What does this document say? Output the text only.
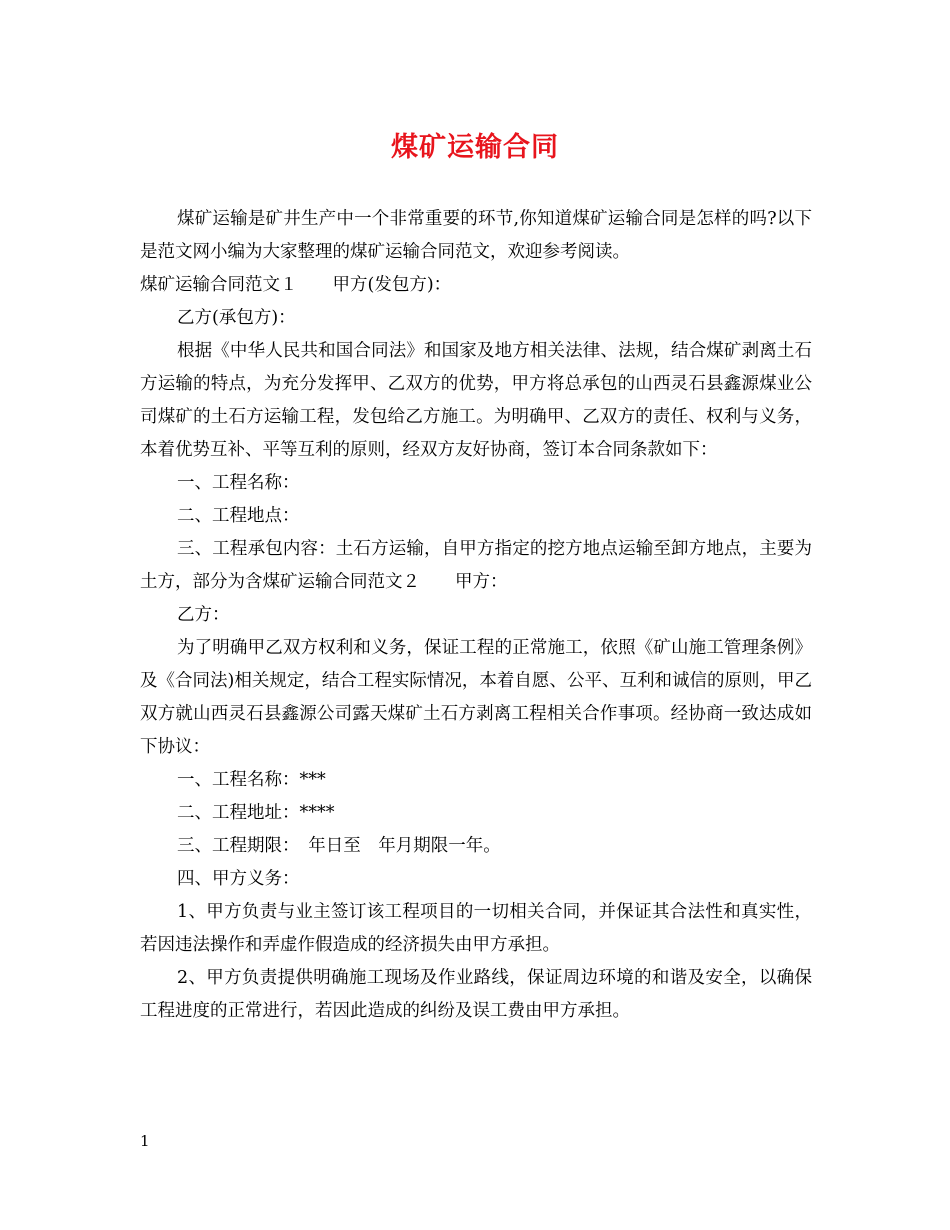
煤矿运输合同

煤矿运输是矿井生产中一个非常重要的环节,你知道煤矿运输合同是怎样的吗?以下是范文网小编为大家整理的煤矿运输合同范文，欢迎参考阅读。

煤矿运输合同范文１　　甲方(发包方)：

乙方(承包方)：

根据《中华人民共和国合同法》和国家及地方相关法律、法规，结合煤矿剥离土石方运输的特点，为充分发挥甲、乙双方的优势，甲方将总承包的山西灵石县鑫源煤业公司煤矿的土石方运输工程，发包给乙方施工。为明确甲、乙双方的责任、权利与义务，本着优势互补、平等互利的原则，经双方友好协商，签订本合同条款如下：

一、工程名称：

二、工程地点：

三、工程承包内容：土石方运输，自甲方指定的挖方地点运输至卸方地点，主要为土方，部分为含煤矿运输合同范文２　　甲方：

乙方：

为了明确甲乙双方权利和义务，保证工程的正常施工，依照《矿山施工管理条例》及《合同法)相关规定，结合工程实际情况，本着自愿、公平、互利和诚信的原则，甲乙双方就山西灵石县鑫源公司露天煤矿土石方剥离工程相关合作事项。经协商一致达成如下协议：

一、工程名称：***

二、工程地址：****

三、工程期限：　年日至　年月期限一年。

四、甲方义务：

1、甲方负责与业主签订该工程项目的一切相关合同，并保证其合法性和真实性，若因违法操作和弄虚作假造成的经济损失由甲方承担。

2、甲方负责提供明确施工现场及作业路线，保证周边环境的和谐及安全，以确保工程进度的正常进行，若因此造成的纠纷及误工费由甲方承担。

1
